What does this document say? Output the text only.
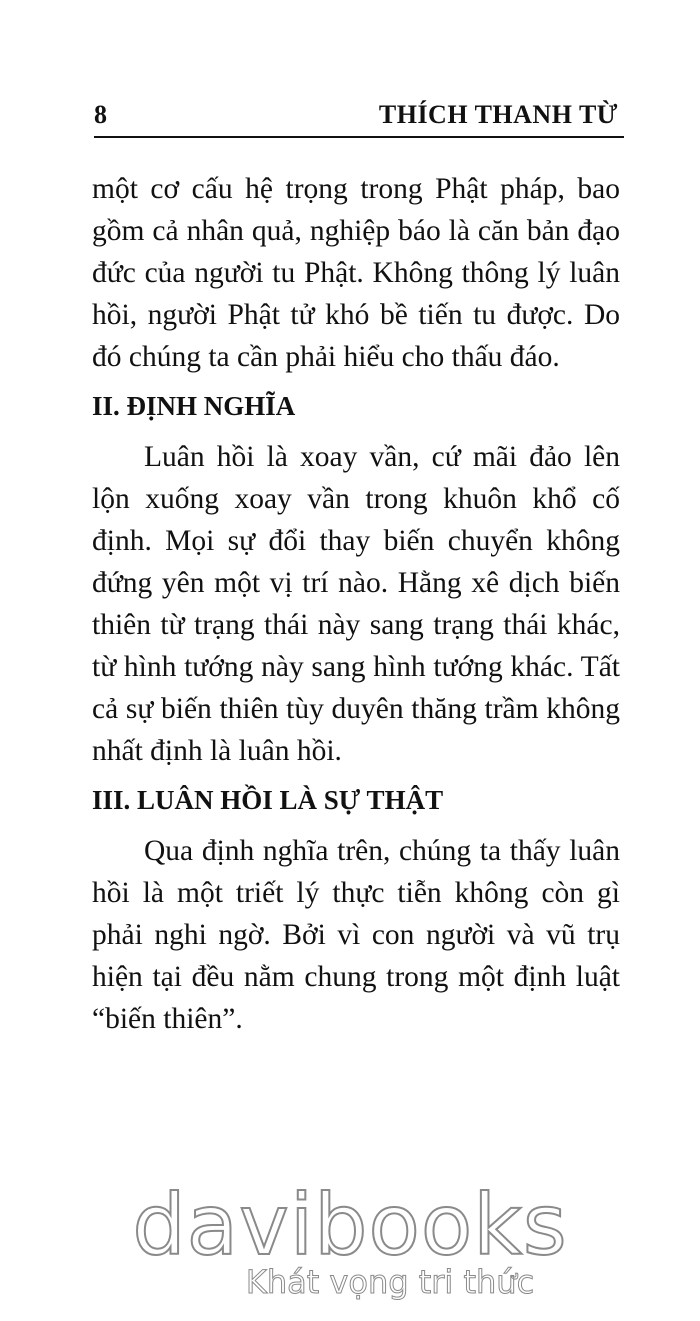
8	THÍCH THANH TỪ

một cơ cấu hệ trọng trong Phật pháp, bao gồm cả nhân quả, nghiệp báo là căn bản đạo đức của người tu Phật. Không thông lý luân hồi, người Phật tử khó bề tiến tu được. Do đó chúng ta cần phải hiểu cho thấu đáo.

II. ĐỊNH NGHĨA

Luân hồi là xoay vần, cứ mãi đảo lên lộn xuống xoay vần trong khuôn khổ cố định. Mọi sự đổi thay biến chuyển không đứng yên một vị trí nào. Hằng xê dịch biến thiên từ trạng thái này sang trạng thái khác, từ hình tướng này sang hình tướng khác. Tất cả sự biến thiên tùy duyên thăng trầm không nhất định là luân hồi.

III. LUÂN HỒI LÀ SỰ THẬT

Qua định nghĩa trên, chúng ta thấy luân hồi là một triết lý thực tiễn không còn gì phải nghi ngờ. Bởi vì con người và vũ trụ hiện tại đều nằm chung trong một định luật “biến thiên”.

davibooks
Khát vọng tri thức
